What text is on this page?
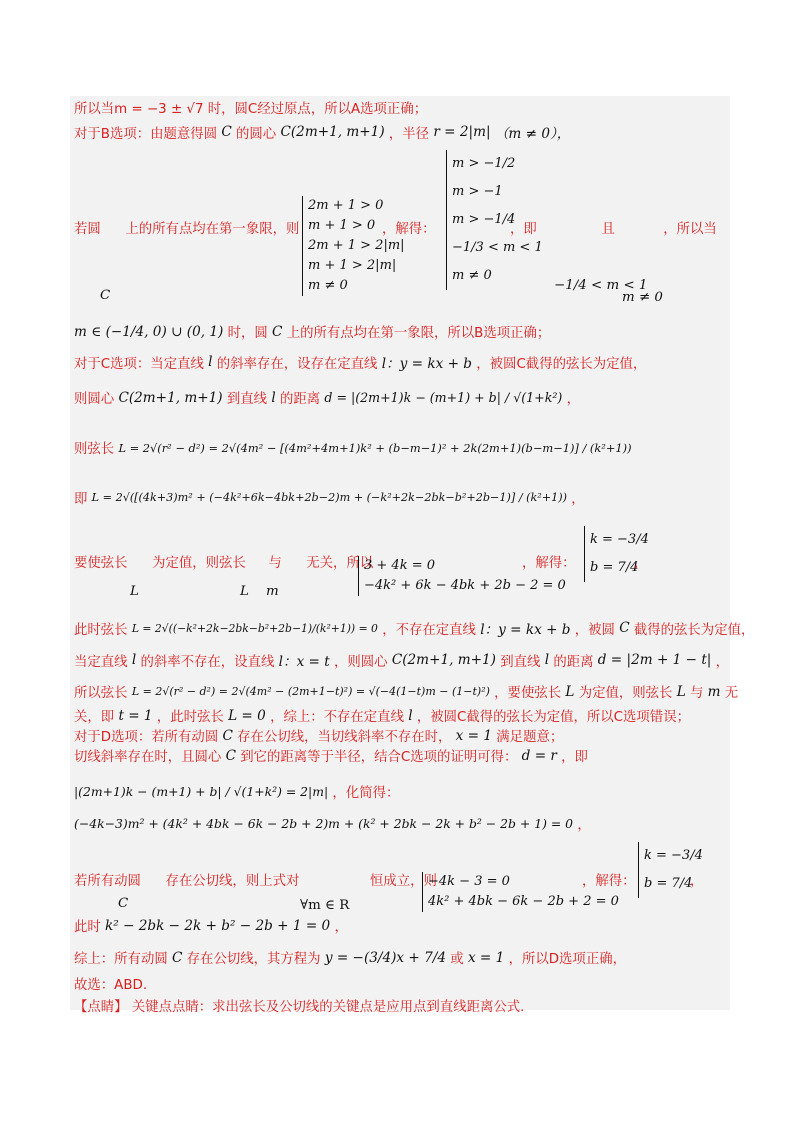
所以当m = −3 ± √7 时，圆C经过原点，所以A选项正确；
对于B选项：由题意得圆 C 的圆心 C(2m+1, m+1) ，半径 r = 2|m| （m ≠ 0），
若圆 上的所有点均在第一象限，则
2m + 1 > 0
m + 1 > 0
2m + 1 > 2|m|
m + 1 > 2|m|
m ≠ 0
，解得：
m > −1/2
m > −1
m > −1/4
−1/3 < m < 1
m ≠ 0
，即	且	，所以当
C
−1/4 < m < 1
m ≠ 0
m ∈ (−1/4, 0) ∪ (0, 1) 时，圆 C 上的所有点均在第一象限，所以B选项正确；
对于C选项：当定直线 l 的斜率存在，设存在定直线 l：y = kx + b ，被圆C截得的弦长为定值，
则圆心 C(2m+1, m+1) 到直线 l 的距离 d = |(2m+1)k − (m+1) + b| / √(1+k²) ，
则弦长 L = 2√(r² − d²) = 2√(4m² − [(4m²+4m+1)k² + (b−m−1)² + 2k(2m+1)(b−m−1)] / (k²+1))
即 L = 2√([(4k+3)m² + (−4k²+6k−4bk+2b−2)m + (−k²+2k−2bk−b²+2b−1)] / (k²+1)) ，
要使弦长 为定值，则弦长 与 无关，所以
L	L m
3 + 4k = 0
−4k² + 6k − 4bk + 2b − 2 = 0
，解得：
k = −3/4
b = 7/4
，
此时弦长 L = 2√((−k²+2k−2bk−b²+2b−1)/(k²+1)) = 0 ，不存在定直线 l：y = kx + b ，被圆 C 截得的弦长为定值，
当定直线 l 的斜率不存在，设直线 l：x = t ，则圆心 C(2m+1, m+1) 到直线 l 的距离 d = |2m + 1 − t| ，
所以弦长 L = 2√(r² − d²) = 2√(4m² − (2m+1−t)²) = √(−4(1−t)m − (1−t)²) ，要使弦长 L 为定值，则弦长 L 与 m 无
关，即 t = 1 ，此时弦长 L = 0 ，综上：不存在定直线 l ，被圆C截得的弦长为定值，所以C选项错误；
对于D选项：若所有动圆 C 存在公切线，当切线斜率不存在时， x = 1 满足题意；
切线斜率存在时，且圆心 C 到它的距离等于半径，结合C选项的证明可得： d = r ，即
|(2m+1)k − (m+1) + b| / √(1+k²) = 2|m| ，化简得：
(−4k−3)m² + (4k² + 4bk − 6k − 2b + 2)m + (k² + 2bk − 2k + b² − 2b + 1) = 0 ，
若所有动圆 存在公切线，则上式对	恒成立，则
C	∀m ∈ R
−4k − 3 = 0
4k² + 4bk − 6k − 2b + 2 = 0
，解得：
k = −3/4
b = 7/4
，
此时 k² − 2bk − 2k + b² − 2b + 1 = 0 ，
综上：所有动圆 C 存在公切线，其方程为 y = −(3/4)x + 7/4 或 x = 1 ，所以D选项正确，
故选：ABD.
【点睛】 关键点点睛：求出弦长及公切线的关键点是应用点到直线距离公式.
